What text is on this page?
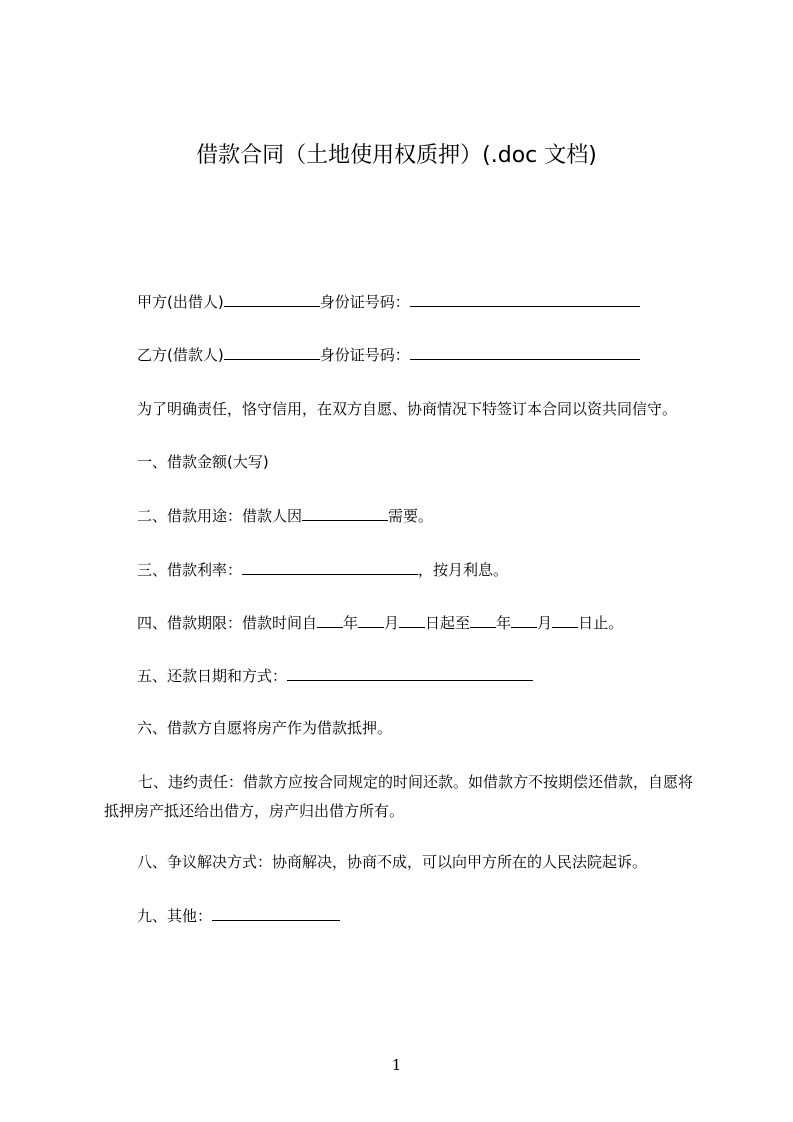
借款合同（土地使用权质押）(.doc 文档)
甲方(出借人)	身份证号码：
乙方(借款人)	身份证号码：
为了明确责任，恪守信用，在双方自愿、协商情况下特签订本合同以资共同信守。
一、借款金额(大写)
二、借款用途：借款人因	需要。
三、借款利率：	，按月利息。
四、借款期限：借款时间自 年 月 日起至 年 月 日止。
五、还款日期和方式：
六、借款方自愿将房产作为借款抵押。
七、违约责任：借款方应按合同规定的时间还款。如借款方不按期偿还借款，自愿将抵押房产抵还给出借方，房产归出借方所有。
八、争议解决方式：协商解决，协商不成，可以向甲方所在的人民法院起诉。
九、其他：
1
